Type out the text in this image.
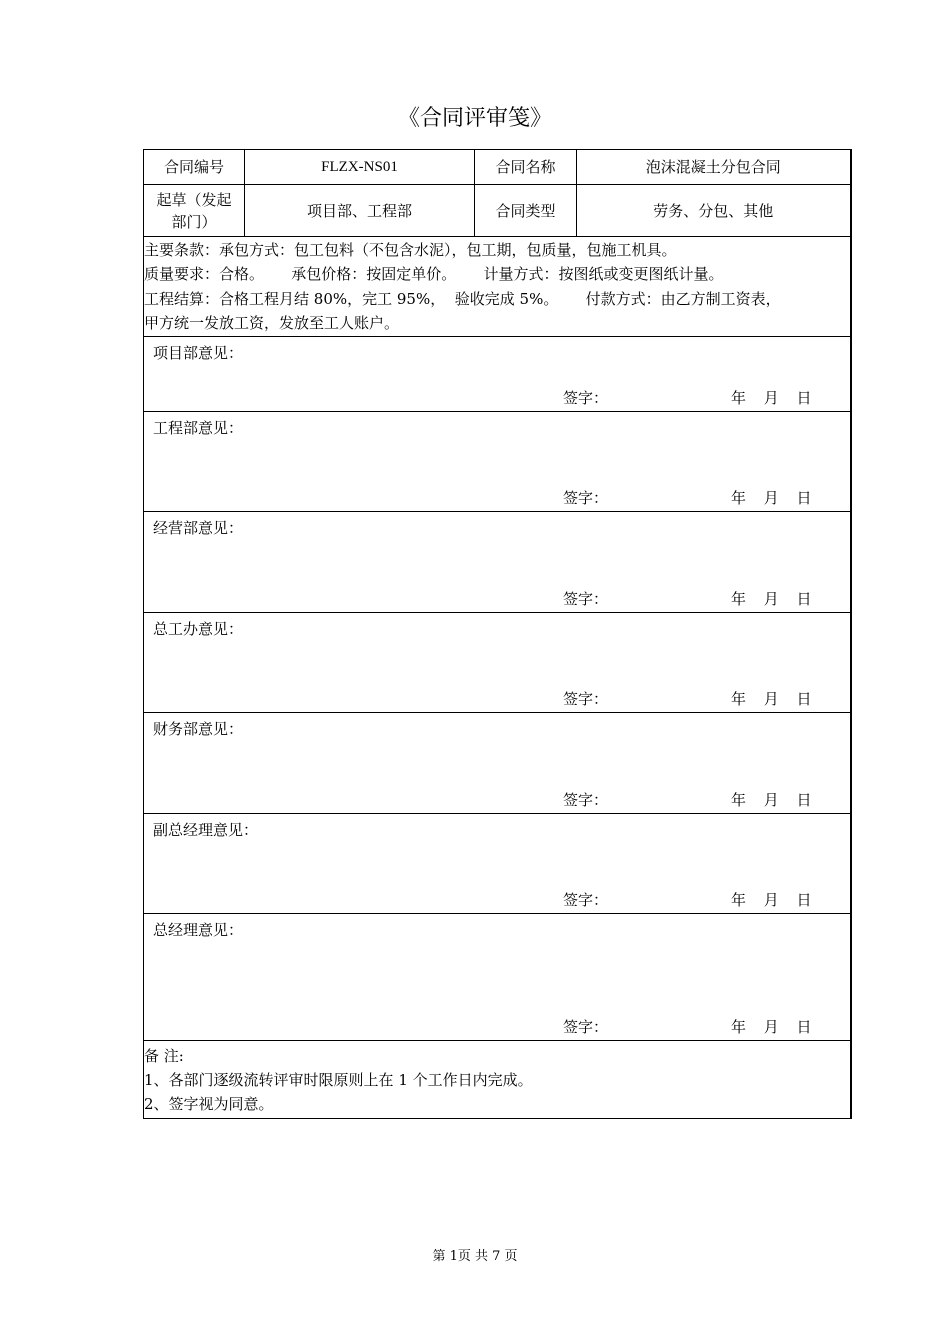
《合同评审笺》
合同编号	FLZX-NS01	合同名称	泡沫混凝土分包合同

起草（发起
部门）	项目部、工程部	合同类型	劳务、分包、其他

主要条款：承包方式：包工包料（不包含水泥），包工期，包质量，包施工机具。
质量要求：合格。　　 承包价格：按固定单价。　　 计量方式：按图纸或变更图纸计量。
工程结算：合格工程月结 80%，完工 95%，  验收完成 5%。　　 付款方式：由乙方制工资表，
甲方统一发放工资，发放至工人账户。			

项目部意见：
签字： 年 月 日			

工程部意见：
签字： 年 月 日			

经营部意见：
签字： 年 月 日			

总工办意见：
签字： 年 月 日			

财务部意见：
签字： 年 月 日			

副总经理意见：
签字： 年 月 日			

总经理意见：
签字： 年 月 日			

备 注:
1、各部门逐级流转评审时限原则上在 1 个工作日内完成。
2、签字视为同意。			
第 1页 共 7 页
